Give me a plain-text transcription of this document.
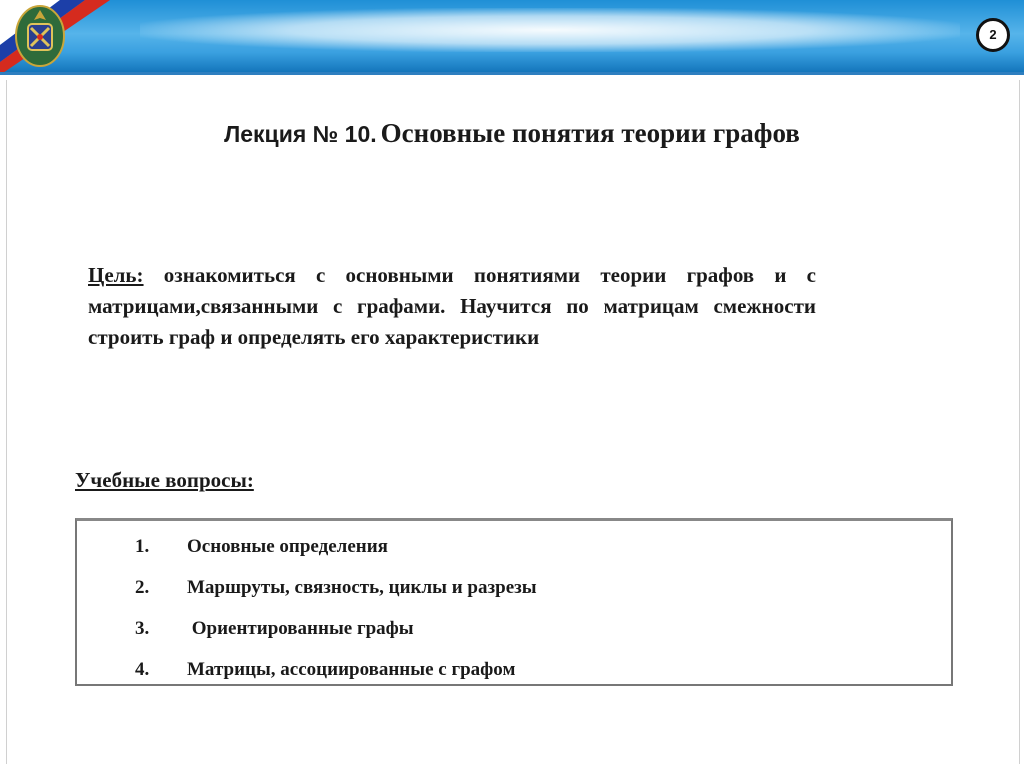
2
Лекция № 10. Основные понятия теории графов
Цель: ознакомиться с основными понятиями теории графов и с матрицами,связанными с графами. Научится по матрицам смежности строить граф и определять его характеристики
Учебные вопросы:
1. Основные определения
2. Маршруты, связность, циклы и разрезы
3. Ориентированные графы
4. Матрицы, ассоциированные с графом
